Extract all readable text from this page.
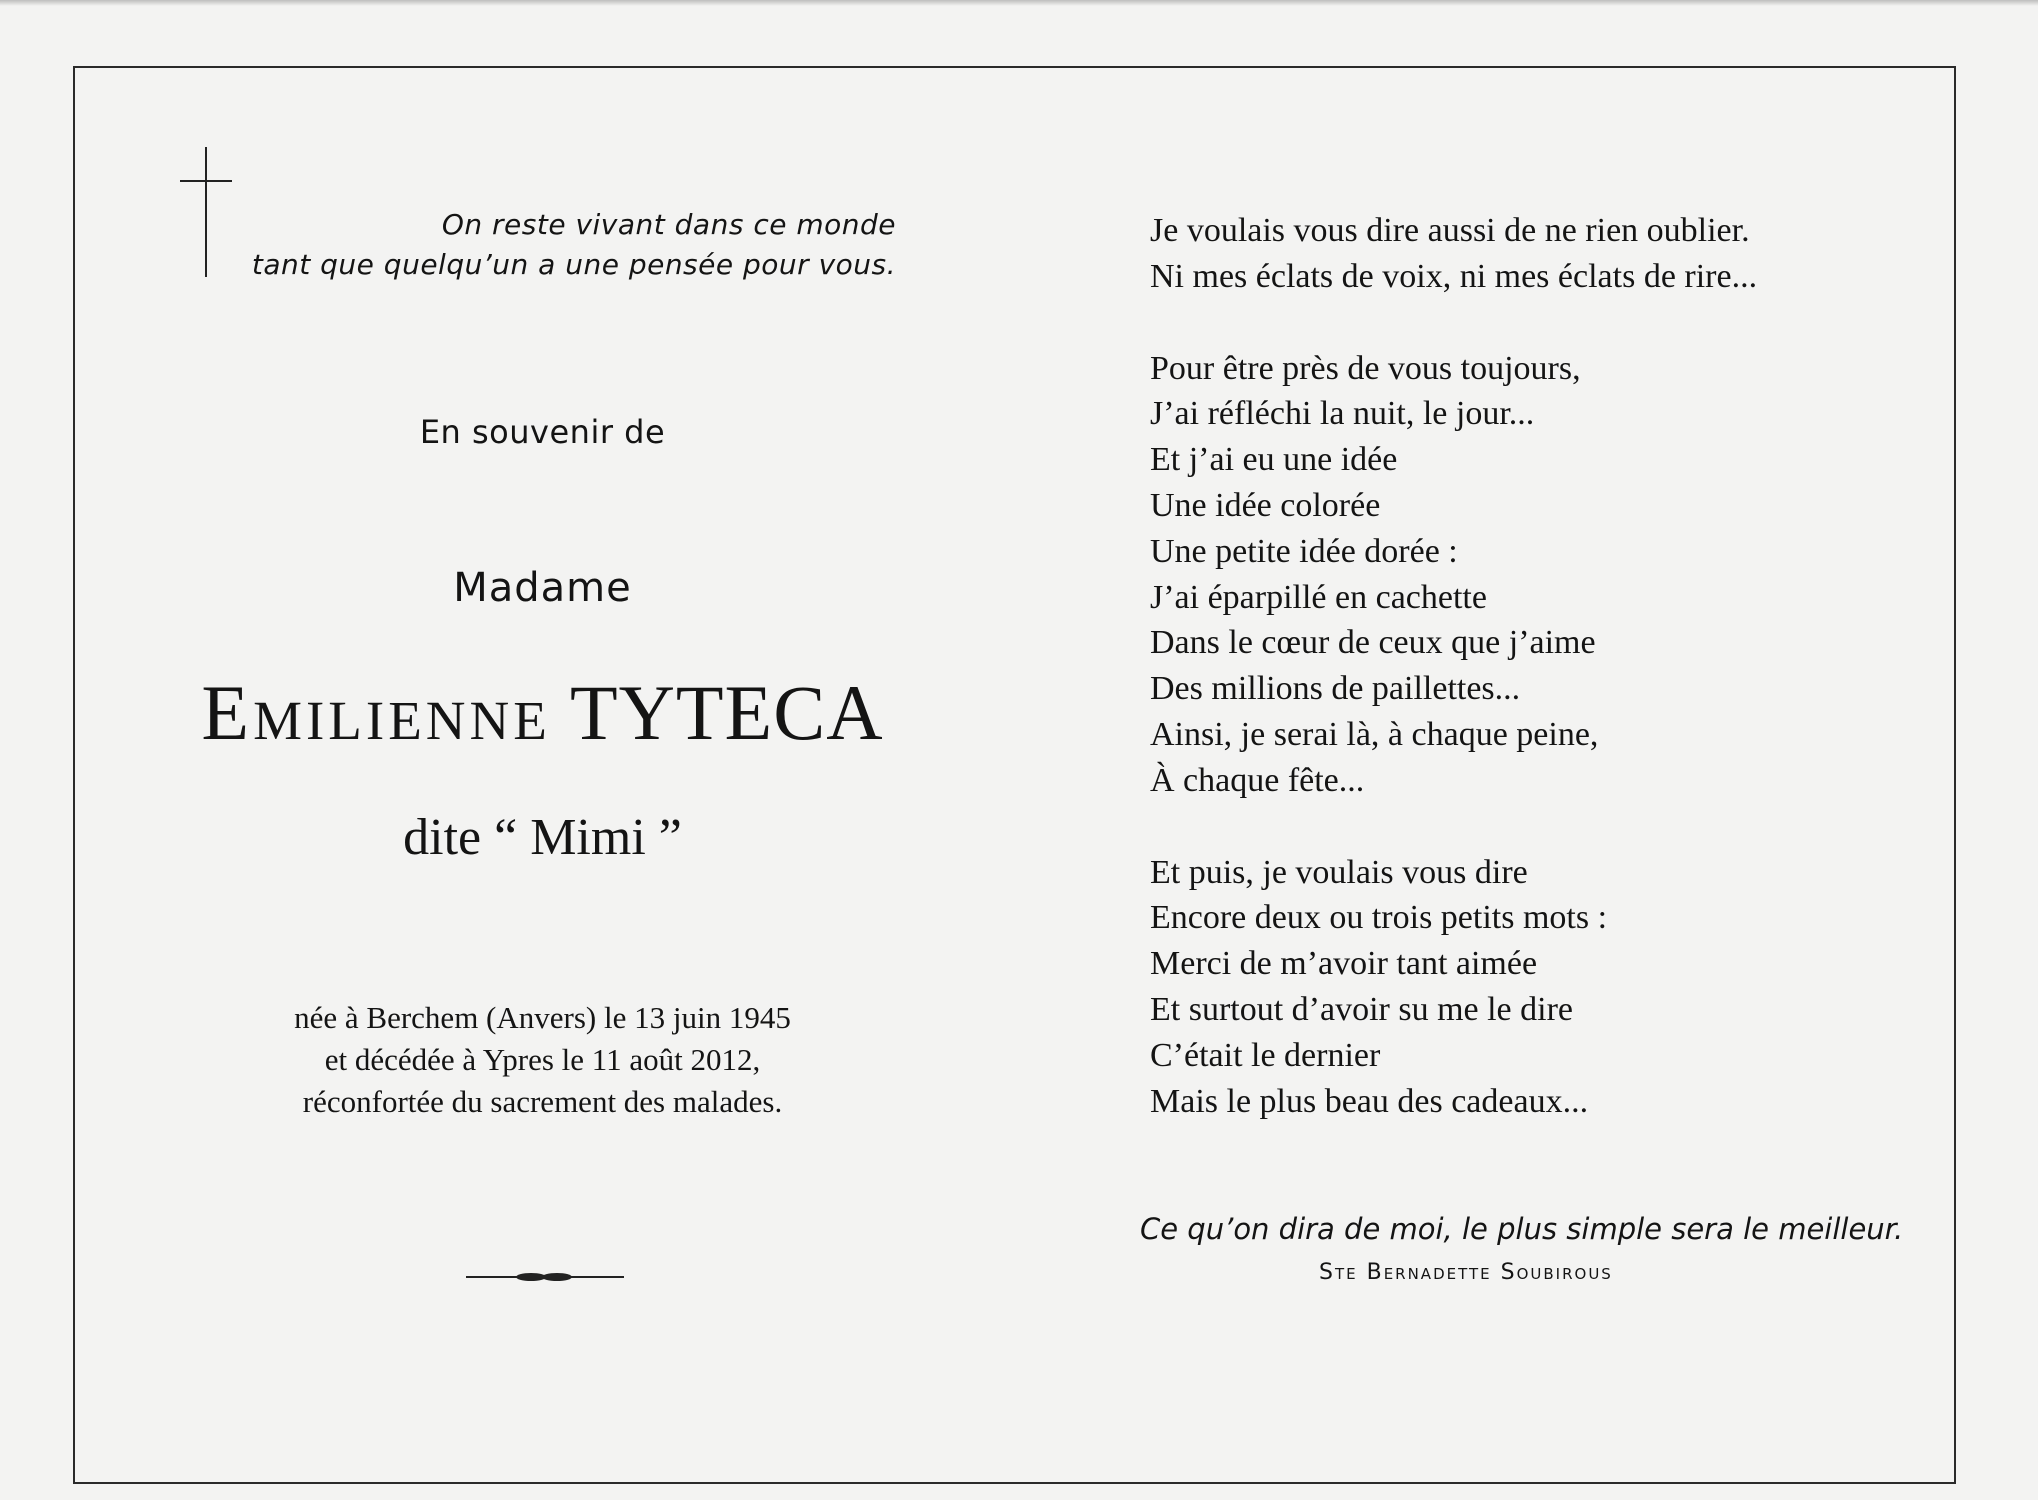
On reste vivant dans ce monde
tant que quelqu’un a une pensée pour vous.
En souvenir de
Madame
Emilienne TYTECA
dite “ Mimi ”
née à Berchem (Anvers) le 13 juin 1945
et décédée à Ypres le 11 août 2012,
réconfortée du sacrement des malades.
Je voulais vous dire aussi de ne rien oublier.
Ni mes éclats de voix, ni mes éclats de rire...
Pour être près de vous toujours,
J’ai réfléchi la nuit, le jour...
Et j’ai eu une idée
Une idée colorée
Une petite idée dorée :
J’ai éparpillé en cachette
Dans le cœur de ceux que j’aime
Des millions de paillettes...
Ainsi, je serai là, à chaque peine,
À chaque fête...
Et puis, je voulais vous dire
Encore deux ou trois petits mots :
Merci de m’avoir tant aimée
Et surtout d’avoir su me le dire
C’était le dernier
Mais le plus beau des cadeaux...
Ce qu’on dira de moi, le plus simple sera le meilleur.
Ste Bernadette Soubirous
